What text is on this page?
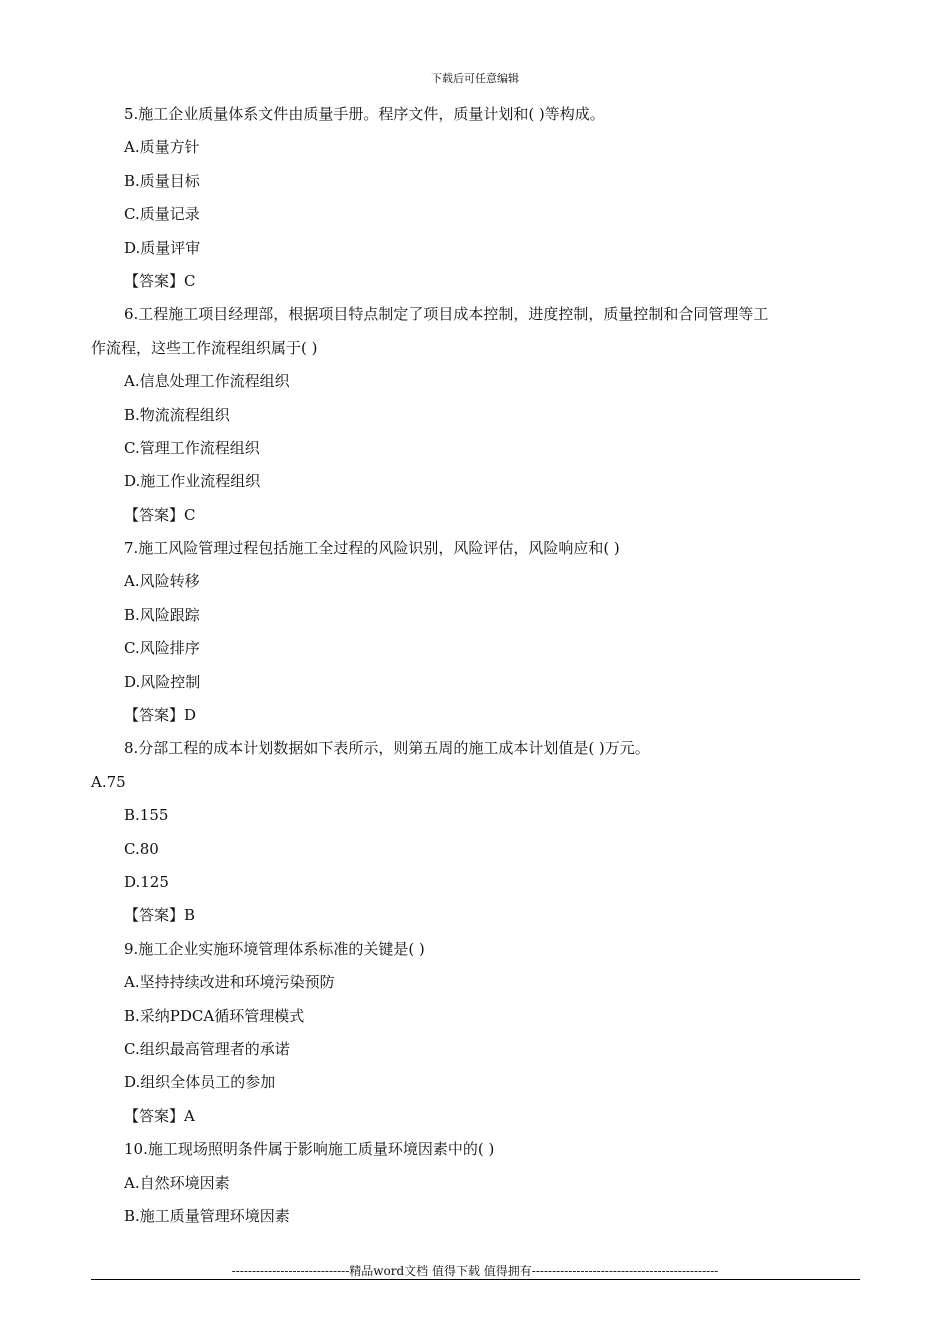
下载后可任意编辑
5.施工企业质量体系文件由质量手册。程序文件，质量计划和( )等构成。
A.质量方针
B.质量目标
C.质量记录
D.质量评审
【答案】C
6.工程施工项目经理部，根据项目特点制定了项目成本控制，进度控制，质量控制和合同管理等工
作流程，这些工作流程组织属于( )
A.信息处理工作流程组织
B.物流流程组织
C.管理工作流程组织
D.施工作业流程组织
【答案】C
7.施工风险管理过程包括施工全过程的风险识别，风险评估，风险响应和( )
A.风险转移
B.风险跟踪
C.风险排序
D.风险控制
【答案】D
8.分部工程的成本计划数据如下表所示，则第五周的施工成本计划值是( )万元。
A.75
B.155
C.80
D.125
【答案】B
9.施工企业实施环境管理体系标准的关键是( )
A.坚持持续改进和环境污染预防
B.采纳PDCA循环管理模式
C.组织最高管理者的承诺
D.组织全体员工的参加
【答案】A
10.施工现场照明条件属于影响施工质量环境因素中的( )
A.自然环境因素
B.施工质量管理环境因素
-----------------------------精品word文档 值得下载 值得拥有----------------------------------------------
